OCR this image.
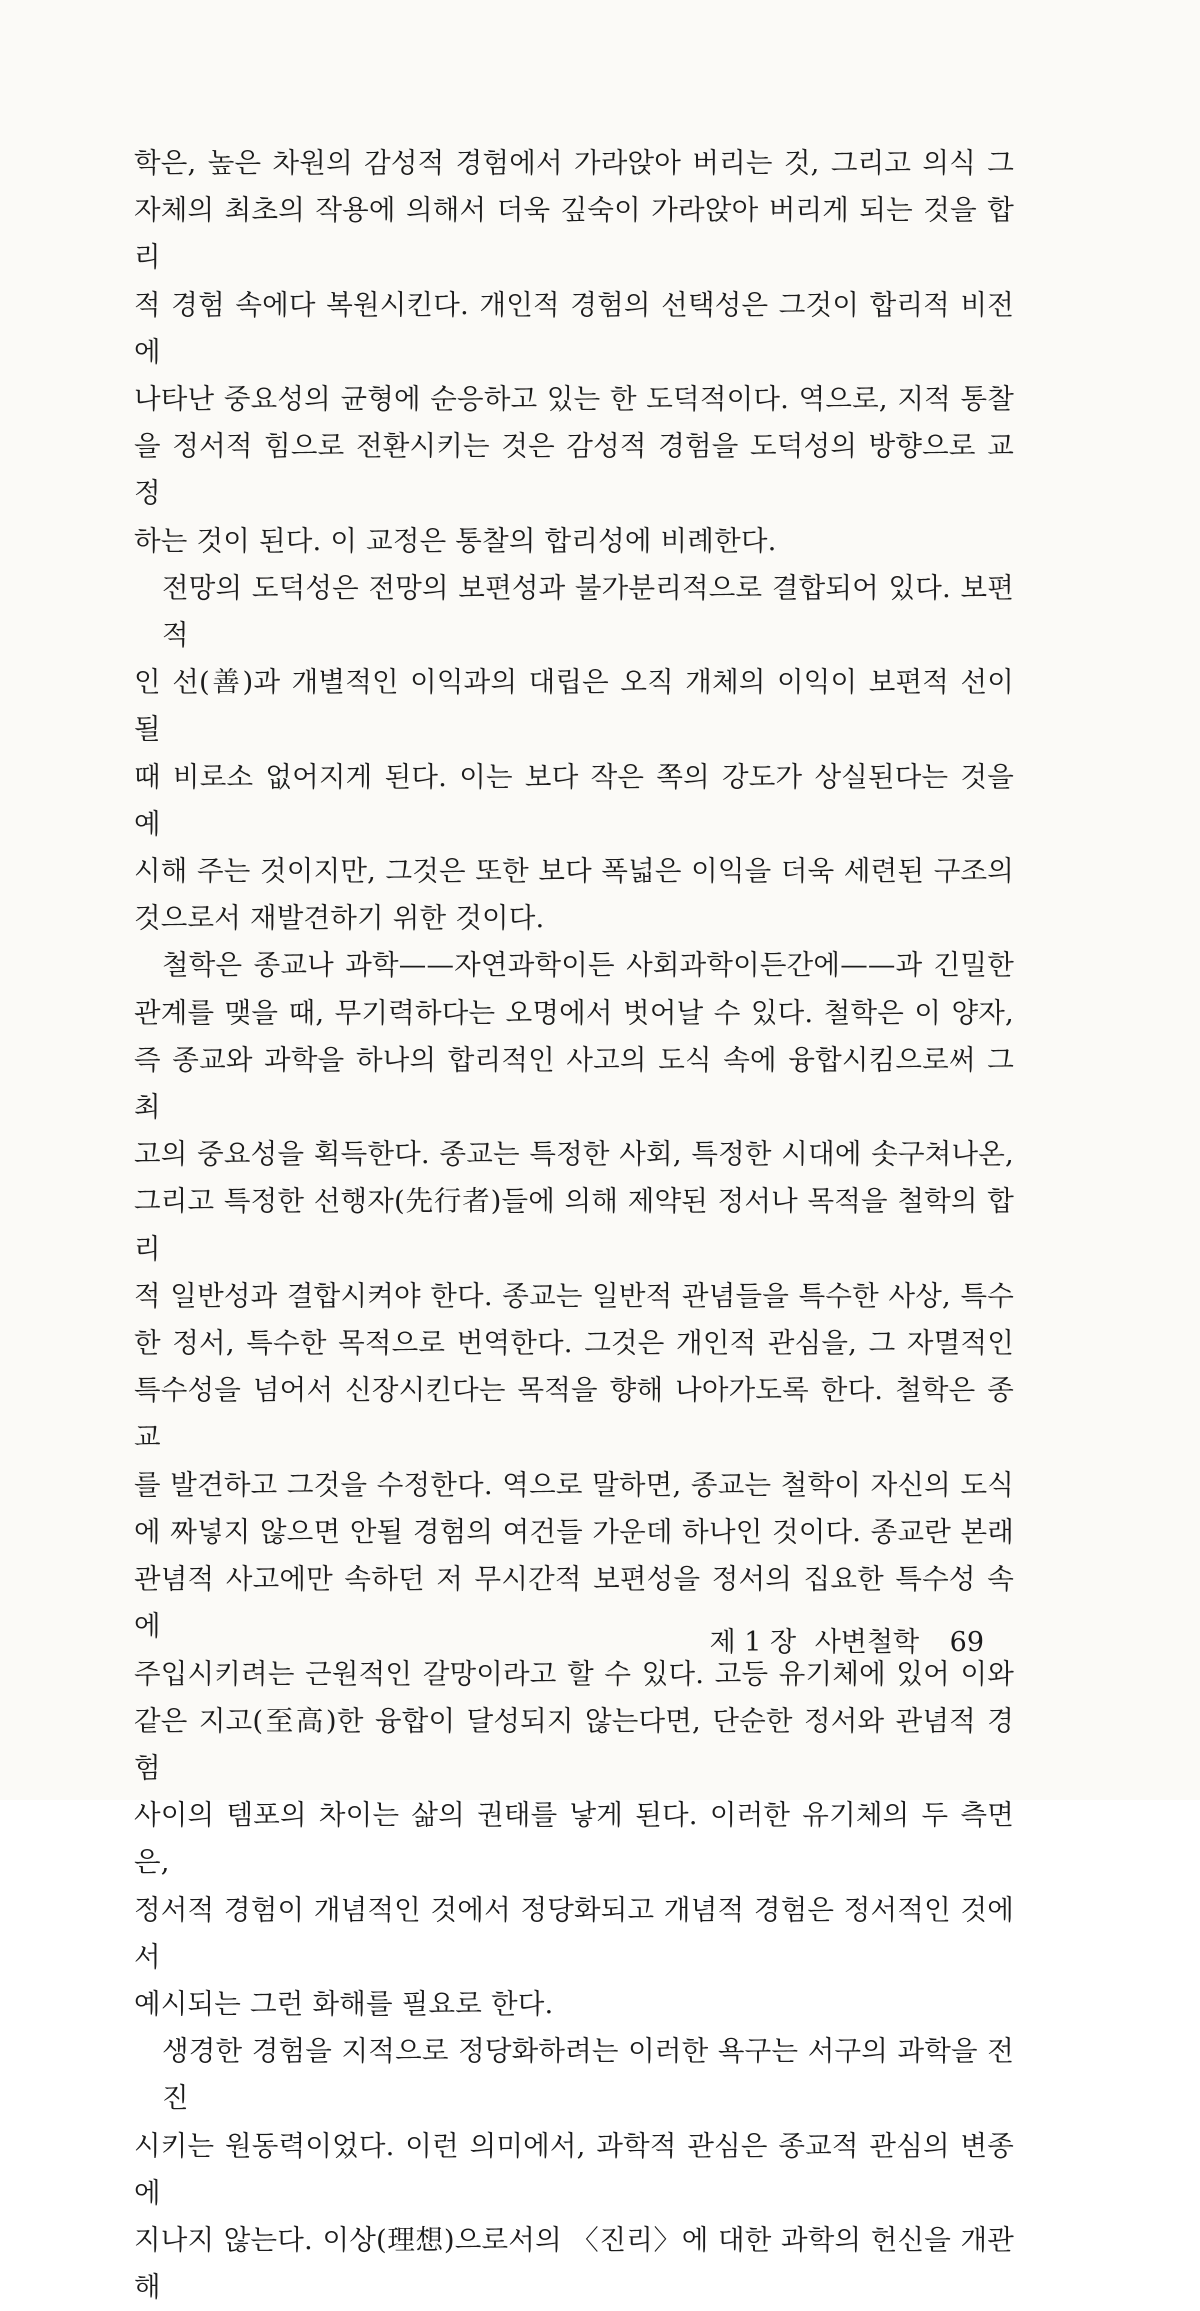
학은, 높은 차원의 감성적 경험에서 가라앉아 버리는 것, 그리고 의식 그
자체의 최초의 작용에 의해서 더욱 깊숙이 가라앉아 버리게 되는 것을 합리
적 경험 속에다 복원시킨다. 개인적 경험의 선택성은 그것이 합리적 비전에
나타난 중요성의 균형에 순응하고 있는 한 도덕적이다. 역으로, 지적 통찰
을 정서적 힘으로 전환시키는 것은 감성적 경험을 도덕성의 방향으로 교정
하는 것이 된다. 이 교정은 통찰의 합리성에 비례한다.

전망의 도덕성은 전망의 보편성과 불가분리적으로 결합되어 있다. 보편적
인 선(善)과 개별적인 이익과의 대립은 오직 개체의 이익이 보편적 선이 될
때 비로소 없어지게 된다. 이는 보다 작은 쪽의 강도가 상실된다는 것을 예
시해 주는 것이지만, 그것은 또한 보다 폭넓은 이익을 더욱 세련된 구조의
것으로서 재발견하기 위한 것이다.

철학은 종교나 과학——자연과학이든 사회과학이든간에——과 긴밀한
관계를 맺을 때, 무기력하다는 오명에서 벗어날 수 있다. 철학은 이 양자,
즉 종교와 과학을 하나의 합리적인 사고의 도식 속에 융합시킴으로써 그 최
고의 중요성을 획득한다. 종교는 특정한 사회, 특정한 시대에 솟구쳐나온,
그리고 특정한 선행자(先行者)들에 의해 제약된 정서나 목적을 철학의 합리
적 일반성과 결합시켜야 한다. 종교는 일반적 관념들을 특수한 사상, 특수
한 정서, 특수한 목적으로 번역한다. 그것은 개인적 관심을, 그 자멸적인
특수성을 넘어서 신장시킨다는 목적을 향해 나아가도록 한다. 철학은 종교
를 발견하고 그것을 수정한다. 역으로 말하면, 종교는 철학이 자신의 도식
에 짜넣지 않으면 안될 경험의 여건들 가운데 하나인 것이다. 종교란 본래
관념적 사고에만 속하던 저 무시간적 보편성을 정서의 집요한 특수성 속에
주입시키려는 근원적인 갈망이라고 할 수 있다. 고등 유기체에 있어 이와
같은 지고(至高)한 융합이 달성되지 않는다면, 단순한 정서와 관념적 경험
사이의 템포의 차이는 삶의 권태를 낳게 된다. 이러한 유기체의 두 측면은,
정서적 경험이 개념적인 것에서 정당화되고 개념적 경험은 정서적인 것에서
예시되는 그런 화해를 필요로 한다.

생경한 경험을 지적으로 정당화하려는 이러한 욕구는 서구의 과학을 전진
시키는 원동력이었다. 이런 의미에서, 과학적 관심은 종교적 관심의 변종에
지나지 않는다. 이상(理想)으로서의 〈진리〉에 대한 과학의 헌신을 개관해

제 1 장 사변철학 69
